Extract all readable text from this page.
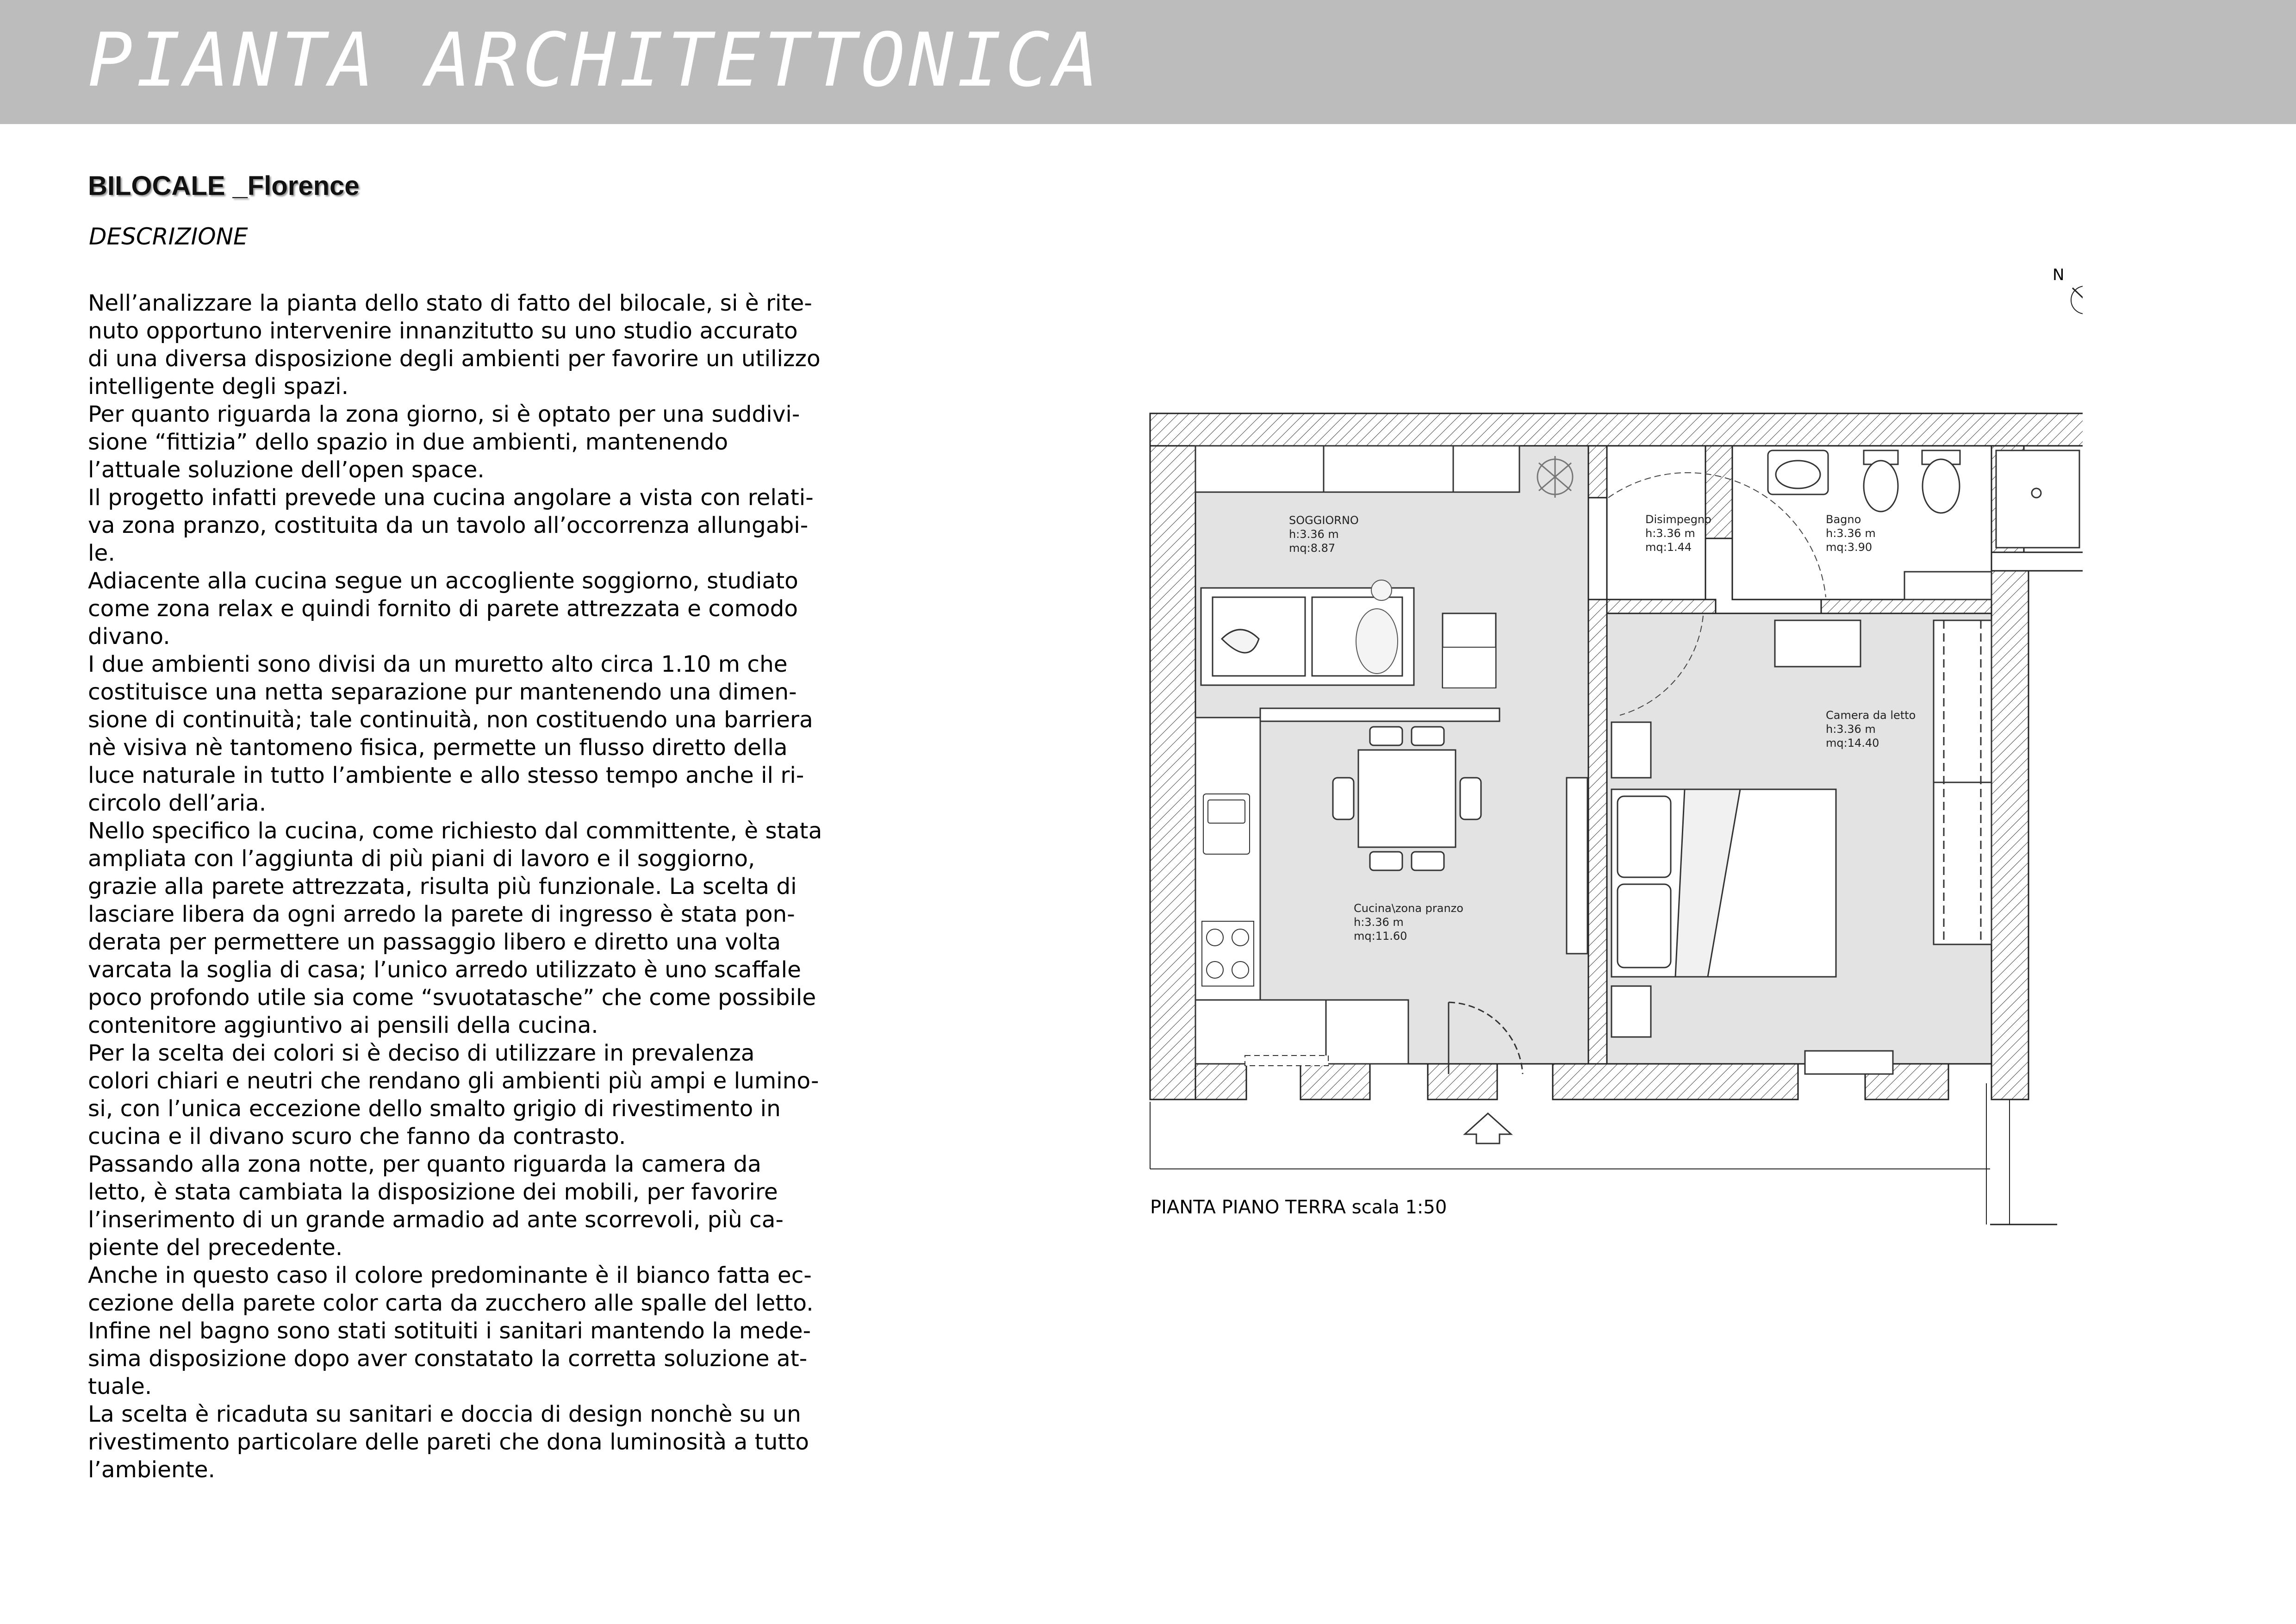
PIANTA ARCHITETTONICA
BILOCALE _Florence
DESCRIZIONE
Nell’analizzare la pianta dello stato di fatto del bilocale, si è rite-
nuto opportuno intervenire innanzitutto su uno studio accurato
di una diversa disposizione degli ambienti per favorire un utilizzo
intelligente degli spazi.
Per quanto riguarda la zona giorno, si è optato per una suddivi-
sione “fittizia” dello spazio in due ambienti, mantenendo
l’attuale soluzione dell’open space.
Il progetto infatti prevede una cucina angolare a vista con relati-
va zona pranzo, costituita da un tavolo all’occorrenza allungabi-
le.
Adiacente alla cucina segue un accogliente soggiorno, studiato
come zona relax e quindi fornito di parete attrezzata e comodo
divano.
I due ambienti sono divisi da un muretto alto circa 1.10 m che
costituisce una netta separazione pur mantenendo una dimen-
sione di continuità; tale continuità, non costituendo una barriera
nè visiva nè tantomeno fisica, permette un flusso diretto della
luce naturale in tutto l’ambiente e allo stesso tempo anche il ri-
circolo dell’aria.
Nello specifico la cucina, come richiesto dal committente, è stata
ampliata con l’aggiunta di più piani di lavoro e il soggiorno,
grazie alla parete attrezzata, risulta più funzionale. La scelta di
lasciare libera da ogni arredo la parete di ingresso è stata pon-
derata per permettere un passaggio libero e diretto una volta
varcata la soglia di casa; l’unico arredo utilizzato è uno scaffale
poco profondo utile sia come “svuotatasche” che come possibile
contenitore aggiuntivo ai pensili della cucina.
Per la scelta dei colori si è deciso di utilizzare in prevalenza
colori chiari e neutri che rendano gli ambienti più ampi e lumino-
si, con l’unica eccezione dello smalto grigio di rivestimento in
cucina e il divano scuro che fanno da contrasto.
Passando alla zona notte, per quanto riguarda la camera da
letto, è stata cambiata la disposizione dei mobili, per favorire
l’inserimento di un grande armadio ad ante scorrevoli, più ca-
piente del precedente.
Anche in questo caso il colore predominante è il bianco fatta ec-
cezione della parete color carta da zucchero alle spalle del letto.
Infine nel bagno sono stati sotituiti i sanitari mantendo la mede-
sima disposizione dopo aver constatato la corretta soluzione at-
tuale.
La scelta è ricaduta su sanitari e doccia di design nonchè su un
rivestimento particolare delle pareti che dona luminosità a tutto
l’ambiente.
N
SOGGIORNO
h:3.36 m
mq:8.87
Disimpegno
h:3.36 m
mq:1.44
Bagno
h:3.36 m
mq:3.90
Camera da letto
h:3.36 m
mq:14.40
Cucina\zona pranzo
h:3.36 m
mq:11.60
PIANTA PIANO TERRA scala 1:50
